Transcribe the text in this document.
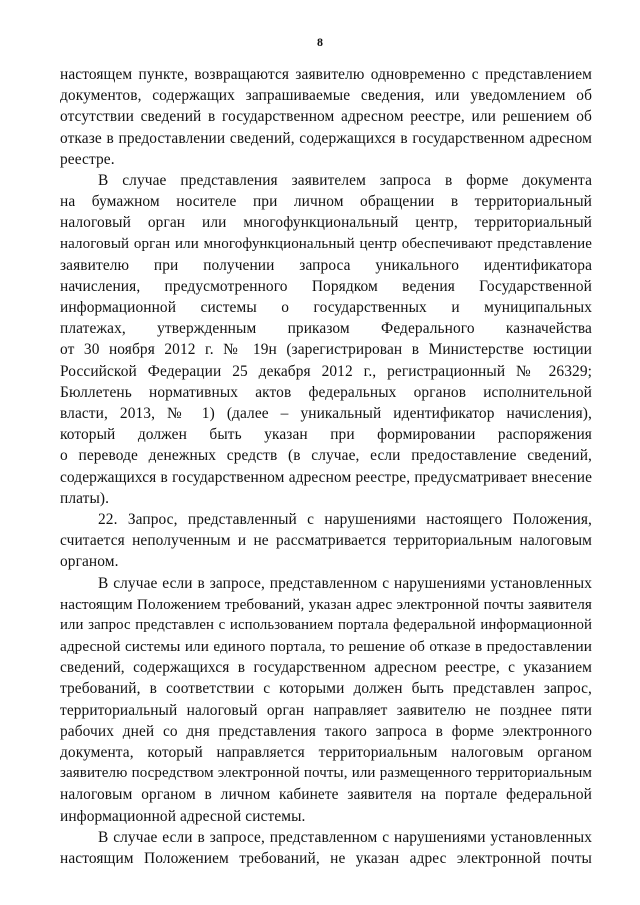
8
настоящем пункте, возвращаются заявителю одновременно с представлением
документов, содержащих запрашиваемые сведения, или уведомлением об
отсутствии сведений в государственном адресном реестре, или решением об
отказе в предоставлении сведений, содержащихся в государственном адресном
реестре.
В случае представления заявителем запроса в форме документа
на бумажном носителе при личном обращении в территориальный
налоговый орган или многофункциональный центр, территориальный
налоговый орган или многофункциональный центр обеспечивают представление
заявителю при получении запроса уникального идентификатора
начисления, предусмотренного Порядком ведения Государственной
информационной системы о государственных и муниципальных
платежах, утвержденным приказом Федерального казначейства
от 30 ноября 2012 г. № 19н (зарегистрирован в Министерстве юстиции
Российской Федерации 25 декабря 2012 г., регистрационный № 26329;
Бюллетень нормативных актов федеральных органов исполнительной
власти, 2013, № 1) (далее – уникальный идентификатор начисления),
который должен быть указан при формировании распоряжения
о переводе денежных средств (в случае, если предоставление сведений,
содержащихся в государственном адресном реестре, предусматривает внесение
платы).
22. Запрос, представленный с нарушениями настоящего Положения,
считается неполученным и не рассматривается территориальным налоговым
органом.
В случае если в запросе, представленном с нарушениями установленных
настоящим Положением требований, указан адрес электронной почты заявителя
или запрос представлен с использованием портала федеральной информационной
адресной системы или единого портала, то решение об отказе в предоставлении
сведений, содержащихся в государственном адресном реестре, с указанием
требований, в соответствии с которыми должен быть представлен запрос,
территориальный налоговый орган направляет заявителю не позднее пяти
рабочих дней со дня представления такого запроса в форме электронного
документа, который направляется территориальным налоговым органом
заявителю посредством электронной почты, или размещенного территориальным
налоговым органом в личном кабинете заявителя на портале федеральной
информационной адресной системы.
В случае если в запросе, представленном с нарушениями установленных
настоящим Положением требований, не указан адрес электронной почты
